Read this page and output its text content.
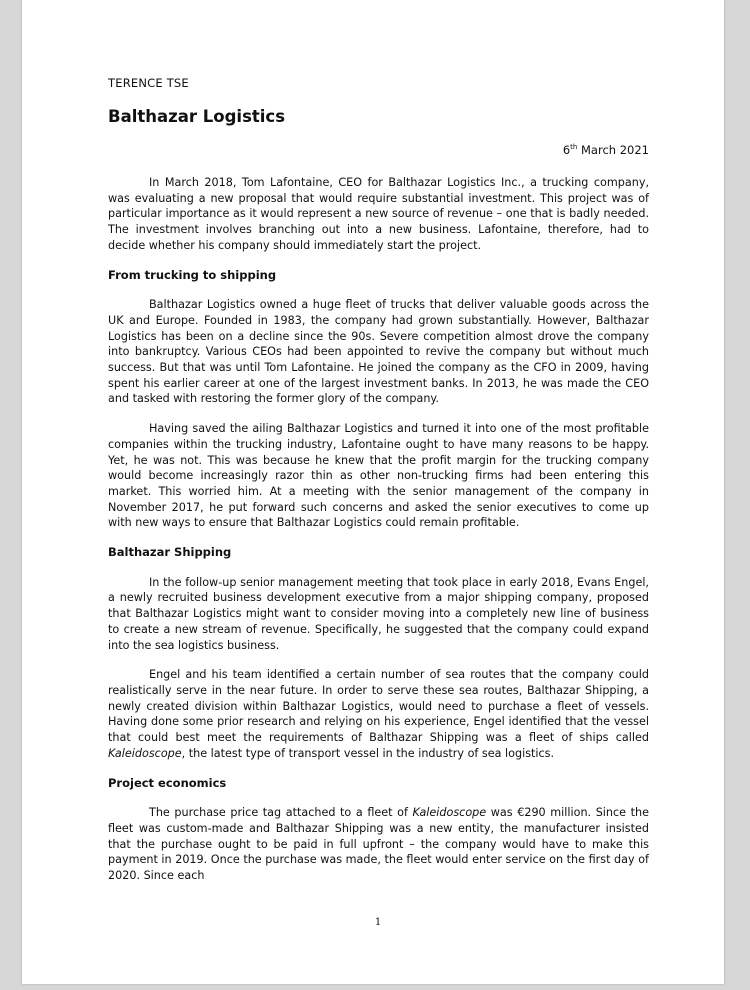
TERENCE TSE
Balthazar Logistics
6th March 2021

In March 2018, Tom Lafontaine, CEO for Balthazar Logistics Inc., a trucking company, was evaluating a new proposal that would require substantial investment. This project was of particular importance as it would represent a new source of revenue – one that is badly needed. The investment involves branching out into a new business. Lafontaine, therefore, had to decide whether his company should immediately start the project.

From trucking to shipping

Balthazar Logistics owned a huge fleet of trucks that deliver valuable goods across the UK and Europe. Founded in 1983, the company had grown substantially. However, Balthazar Logistics has been on a decline since the 90s. Severe competition almost drove the company into bankruptcy. Various CEOs had been appointed to revive the company but without much success. But that was until Tom Lafontaine. He joined the company as the CFO in 2009, having spent his earlier career at one of the largest investment banks. In 2013, he was made the CEO and tasked with restoring the former glory of the company.

Having saved the ailing Balthazar Logistics and turned it into one of the most profitable companies within the trucking industry, Lafontaine ought to have many reasons to be happy. Yet, he was not. This was because he knew that the profit margin for the trucking company would become increasingly razor thin as other non-trucking firms had been entering this market. This worried him. At a meeting with the senior management of the company in November 2017, he put forward such concerns and asked the senior executives to come up with new ways to ensure that Balthazar Logistics could remain profitable.

Balthazar Shipping

In the follow-up senior management meeting that took place in early 2018, Evans Engel, a newly recruited business development executive from a major shipping company, proposed that Balthazar Logistics might want to consider moving into a completely new line of business to create a new stream of revenue. Specifically, he suggested that the company could expand into the sea logistics business.

Engel and his team identified a certain number of sea routes that the company could realistically serve in the near future. In order to serve these sea routes, Balthazar Shipping, a newly created division within Balthazar Logistics, would need to purchase a fleet of vessels. Having done some prior research and relying on his experience, Engel identified that the vessel that could best meet the requirements of Balthazar Shipping was a fleet of ships called Kaleidoscope, the latest type of transport vessel in the industry of sea logistics.

Project economics

The purchase price tag attached to a fleet of Kaleidoscope was €290 million. Since the fleet was custom-made and Balthazar Shipping was a new entity, the manufacturer insisted that the purchase ought to be paid in full upfront – the company would have to make this payment in 2019. Once the purchase was made, the fleet would enter service on the first day of 2020. Since each

1
